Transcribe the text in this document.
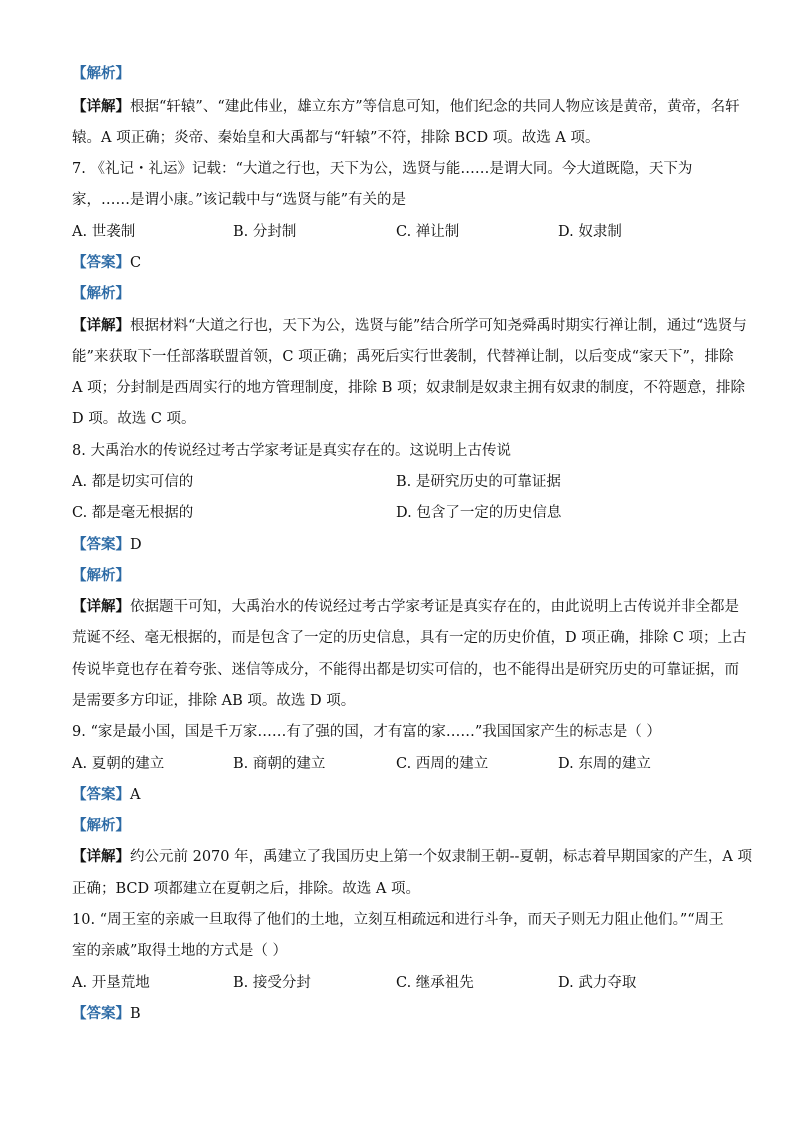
【解析】
【详解】根据“轩辕”、“建此伟业，雄立东方”等信息可知，他们纪念的共同人物应该是黄帝，黄帝，名轩
辕。A 项正确；炎帝、秦始皇和大禹都与“轩辕”不符，排除 BCD 项。故选 A 项。
7. 《礼记・礼运》记载：“大道之行也，天下为公，选贤与能……是谓大同。今大道既隐，天下为
家，……是谓小康。”该记载中与“选贤与能”有关的是
A. 世袭制	B. 分封制	C. 禅让制	D. 奴隶制
【答案】C
【解析】
【详解】根据材料“大道之行也，天下为公，选贤与能”结合所学可知尧舜禹时期实行禅让制，通过“选贤与
能”来获取下一任部落联盟首领，C 项正确；禹死后实行世袭制，代替禅让制，以后变成“家天下”，排除
A 项；分封制是西周实行的地方管理制度，排除 B 项；奴隶制是奴隶主拥有奴隶的制度，不符题意，排除
D 项。故选 C 项。
8. 大禹治水的传说经过考古学家考证是真实存在的。这说明上古传说
A. 都是切实可信的	B. 是研究历史的可靠证据
C. 都是毫无根据的	D. 包含了一定的历史信息
【答案】D
【解析】
【详解】依据题干可知，大禹治水的传说经过考古学家考证是真实存在的，由此说明上古传说并非全都是
荒诞不经、毫无根据的，而是包含了一定的历史信息，具有一定的历史价值，D 项正确，排除 C 项；上古
传说毕竟也存在着夸张、迷信等成分，不能得出都是切实可信的，也不能得出是研究历史的可靠证据，而
是需要多方印证，排除 AB 项。故选 D 项。
9. “家是最小国，国是千万家……有了强的国，才有富的家……”我国国家产生的标志是（ ）
A. 夏朝的建立	B. 商朝的建立	C. 西周的建立	D. 东周的建立
【答案】A
【解析】
【详解】约公元前 2070 年，禹建立了我国历史上第一个奴隶制王朝--夏朝，标志着早期国家的产生，A 项
正确；BCD 项都建立在夏朝之后，排除。故选 A 项。
10. “周王室的亲戚一旦取得了他们的土地，立刻互相疏远和进行斗争，而天子则无力阻止他们。”“周王
室的亲戚”取得土地的方式是（ ）
A. 开垦荒地	B. 接受分封	C. 继承祖先	D. 武力夺取
【答案】B
